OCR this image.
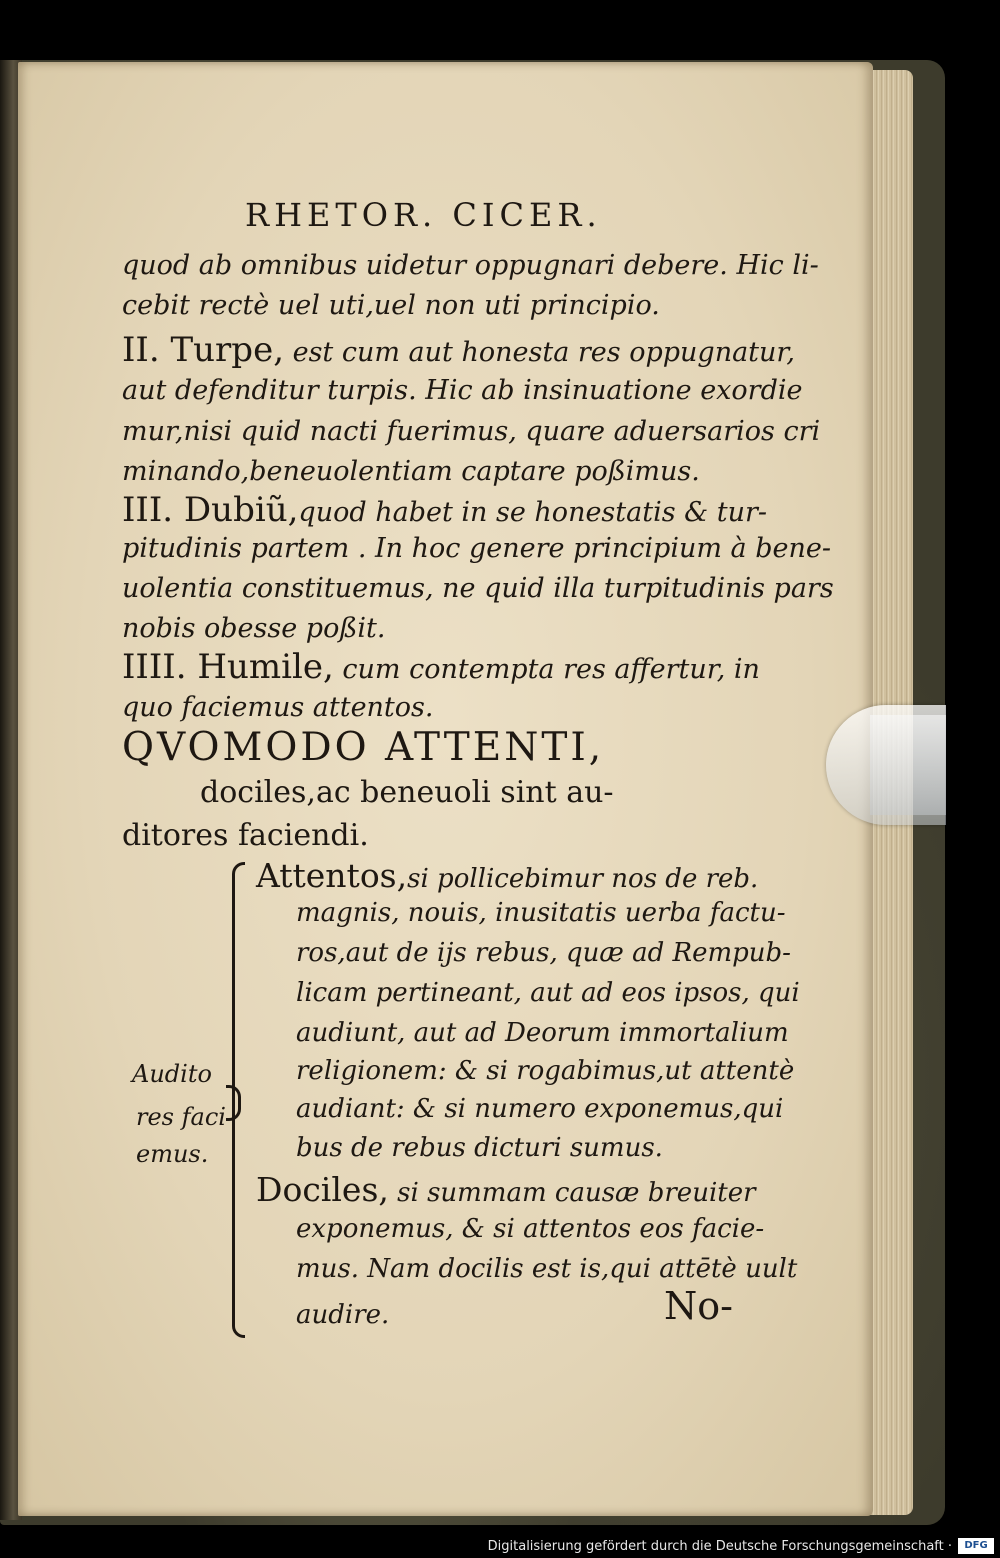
RHETOR. CICER.
quod ab omnibus uidetur oppugnari debere. Hic li-
cebit rectè uel uti,uel non uti principio.
II. Turpe, est cum aut honesta res oppugnatur,
aut defenditur turpis. Hic ab insinuatione exordie
mur,nisi quid nacti fuerimus, quare aduersarios cri
minando,beneuolentiam captare poßimus.
III. Dubiũ,quod habet in se honestatis & tur-
pitudinis partem . In hoc genere principium à bene-
uolentia constituemus, ne quid illa turpitudinis pars
nobis obesse poßit.
IIII. Humile, cum contempta res affertur, in
quo faciemus attentos.
QVOMODO ATTENTI,
dociles,ac beneuoli sint au-
ditores faciendi.
Audito
res faci
emus.
Attentos,si pollicebimur nos de reb.
magnis, nouis, inusitatis uerba factu-
ros,aut de ijs rebus, quæ ad Rempub-
licam pertineant, aut ad eos ipsos, qui
audiunt, aut ad Deorum immortalium
religionem: & si rogabimus,ut attentè
audiant: & si numero exponemus,qui
bus de rebus dicturi sumus.
Dociles, si summam causæ breuiter
exponemus, & si attentos eos facie-
mus. Nam docilis est is,qui attētè uult
audire.	No-
Digitalisierung gefördert durch die Deutsche Forschungsgemeinschaft ·	DFG
